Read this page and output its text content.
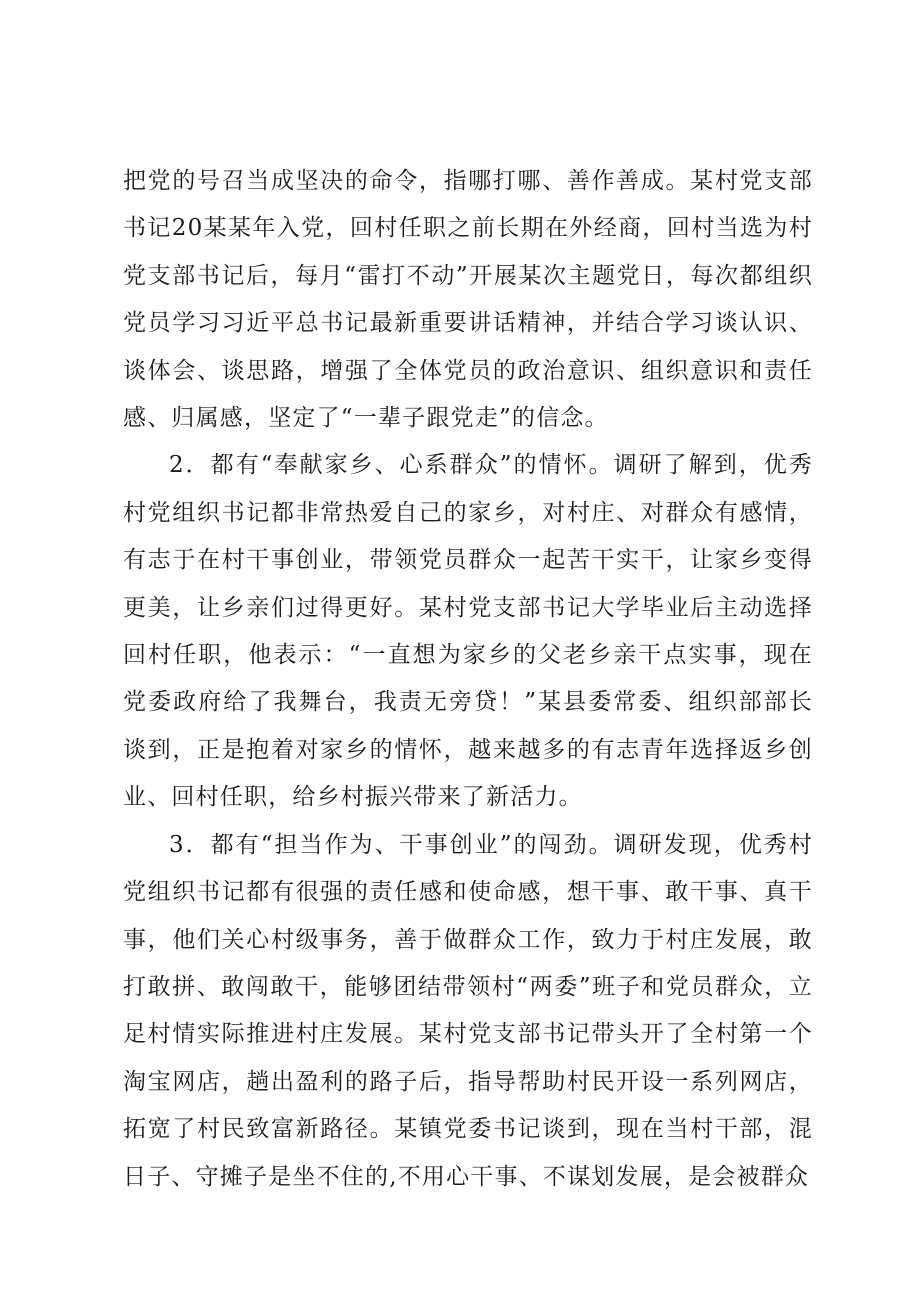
把党的号召当成坚决的命令，指哪打哪、善作善成。某村党支部书记20某某年入党，回村任职之前长期在外经商，回村当选为村党支部书记后，每月“雷打不动”开展某次主题党日，每次都组织党员学习习近平总书记最新重要讲话精神，并结合学习谈认识、谈体会、谈思路，增强了全体党员的政治意识、组织意识和责任感、归属感，坚定了“一辈子跟党走”的信念。

2．都有“奉献家乡、心系群众”的情怀。调研了解到，优秀村党组织书记都非常热爱自己的家乡，对村庄、对群众有感情，有志于在村干事创业，带领党员群众一起苦干实干，让家乡变得更美，让乡亲们过得更好。某村党支部书记大学毕业后主动选择回村任职，他表示：“一直想为家乡的父老乡亲干点实事，现在党委政府给了我舞台，我责无旁贷！”某县委常委、组织部部长谈到，正是抱着对家乡的情怀，越来越多的有志青年选择返乡创业、回村任职，给乡村振兴带来了新活力。

3．都有“担当作为、干事创业”的闯劲。调研发现，优秀村党组织书记都有很强的责任感和使命感，想干事、敢干事、真干事，他们关心村级事务，善于做群众工作，致力于村庄发展，敢打敢拼、敢闯敢干，能够团结带领村“两委”班子和党员群众，立足村情实际推进村庄发展。某村党支部书记带头开了全村第一个淘宝网店，趟出盈利的路子后，指导帮助村民开设一系列网店，拓宽了村民致富新路径。某镇党委书记谈到，现在当村干部，混日子、守摊子是坐不住的,不用心干事、不谋划发展，是会被群众
